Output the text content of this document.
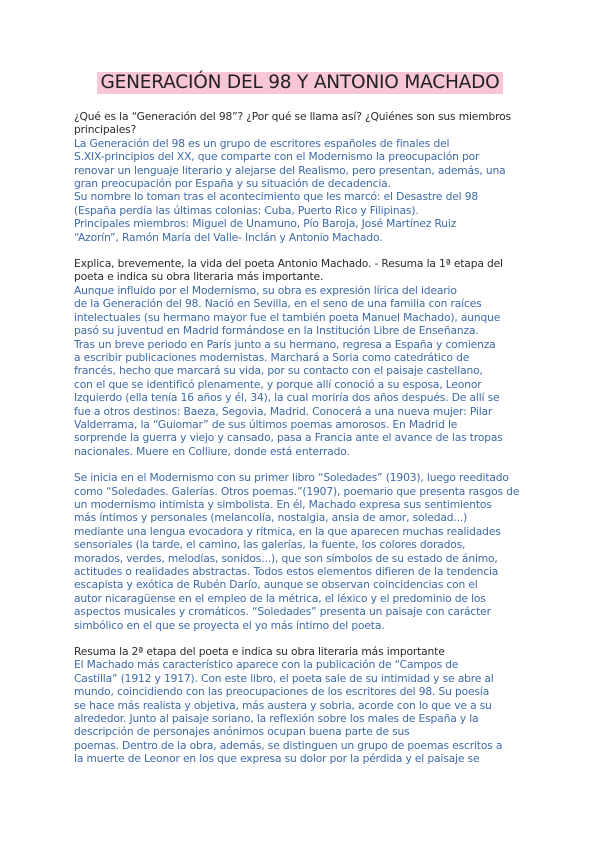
GENERACIÓN DEL 98 Y ANTONIO MACHADO
¿Qué es la “Generación del 98”? ¿Por qué se llama así? ¿Quiénes son sus miembros
principales?
La Generación del 98 es un grupo de escritores españoles de finales del
S.XIX-principios del XX, que comparte con el Modernismo la preocupación por
renovar un lenguaje literario y alejarse del Realismo, pero presentan, además, una
gran preocupación por España y su situación de decadencia.
Su nombre lo toman tras el acontecimiento que les marcó: el Desastre del 98
(España perdía las últimas colonias: Cuba, Puerto Rico y Filipinas).
Principales miembros: Miguel de Unamuno, Pío Baroja, José Martínez Ruiz
“Azorín”, Ramón María del Valle- Inclán y Antonio Machado.
Explica, brevemente, la vida del poeta Antonio Machado. - Resuma la 1ª etapa del
poeta e indica su obra literaria más importante.
Aunque influido por el Modernismo, su obra es expresión lírica del ideario
de la Generación del 98. Nació en Sevilla, en el seno de una familia con raíces
intelectuales (su hermano mayor fue el también poeta Manuel Machado), aunque
pasó su juventud en Madrid formándose en la Institución Libre de Enseñanza.
Tras un breve periodo en París junto a su hermano, regresa a España y comienza
a escribir publicaciones modernistas. Marchará a Soria como catedrático de
francés, hecho que marcará su vida, por su contacto con el paisaje castellano,
con el que se identificó plenamente, y porque allí conoció a su esposa, Leonor
Izquierdo (ella tenía 16 años y él, 34), la cual moriría dos años después. De allí se
fue a otros destinos: Baeza, Segovia, Madrid. Conocerá a una nueva mujer: Pilar
Valderrama, la “Guiomar” de sus últimos poemas amorosos. En Madrid le
sorprende la guerra y viejo y cansado, pasa a Francia ante el avance de las tropas
nacionales. Muere en Colliure, donde está enterrado.
Se inicia en el Modernismo con su primer libro “Soledades” (1903), luego reeditado
como “Soledades. Galerías. Otros poemas.”(1907), poemario que presenta rasgos de
un modernismo intimista y simbolista. En él, Machado expresa sus sentimientos
más íntimos y personales (melancolía, nostalgia, ansia de amor, soledad...)
mediante una lengua evocadora y rítmica, en la que aparecen muchas realidades
sensoriales (la tarde, el camino, las galerías, la fuente, los colores dorados,
morados, verdes, melodías, sonidos...), que son símbolos de su estado de ánimo,
actitudes o realidades abstractas. Todos estos elementos difieren de la tendencia
escapista y exótica de Rubén Darío, aunque se observan coincidencias con el
autor nicaragüense en el empleo de la métrica, el léxico y el predominio de los
aspectos musicales y cromáticos. “Soledades” presenta un paisaje con carácter
simbólico en el que se proyecta el yo más íntimo del poeta.
Resuma la 2ª etapa del poeta e indica su obra literaria más importante
El Machado más característico aparece con la publicación de “Campos de
Castilla” (1912 y 1917). Con este libro, el poeta sale de su intimidad y se abre al
mundo, coincidiendo con las preocupaciones de los escritores del 98. Su poesía
se hace más realista y objetiva, más austera y sobria, acorde con lo que ve a su
alrededor. Junto al paisaje soriano, la reflexión sobre los males de España y la
descripción de personajes anónimos ocupan buena parte de sus
poemas. Dentro de la obra, además, se distinguen un grupo de poemas escritos a
la muerte de Leonor en los que expresa su dolor por la pérdida y el paisaje se
